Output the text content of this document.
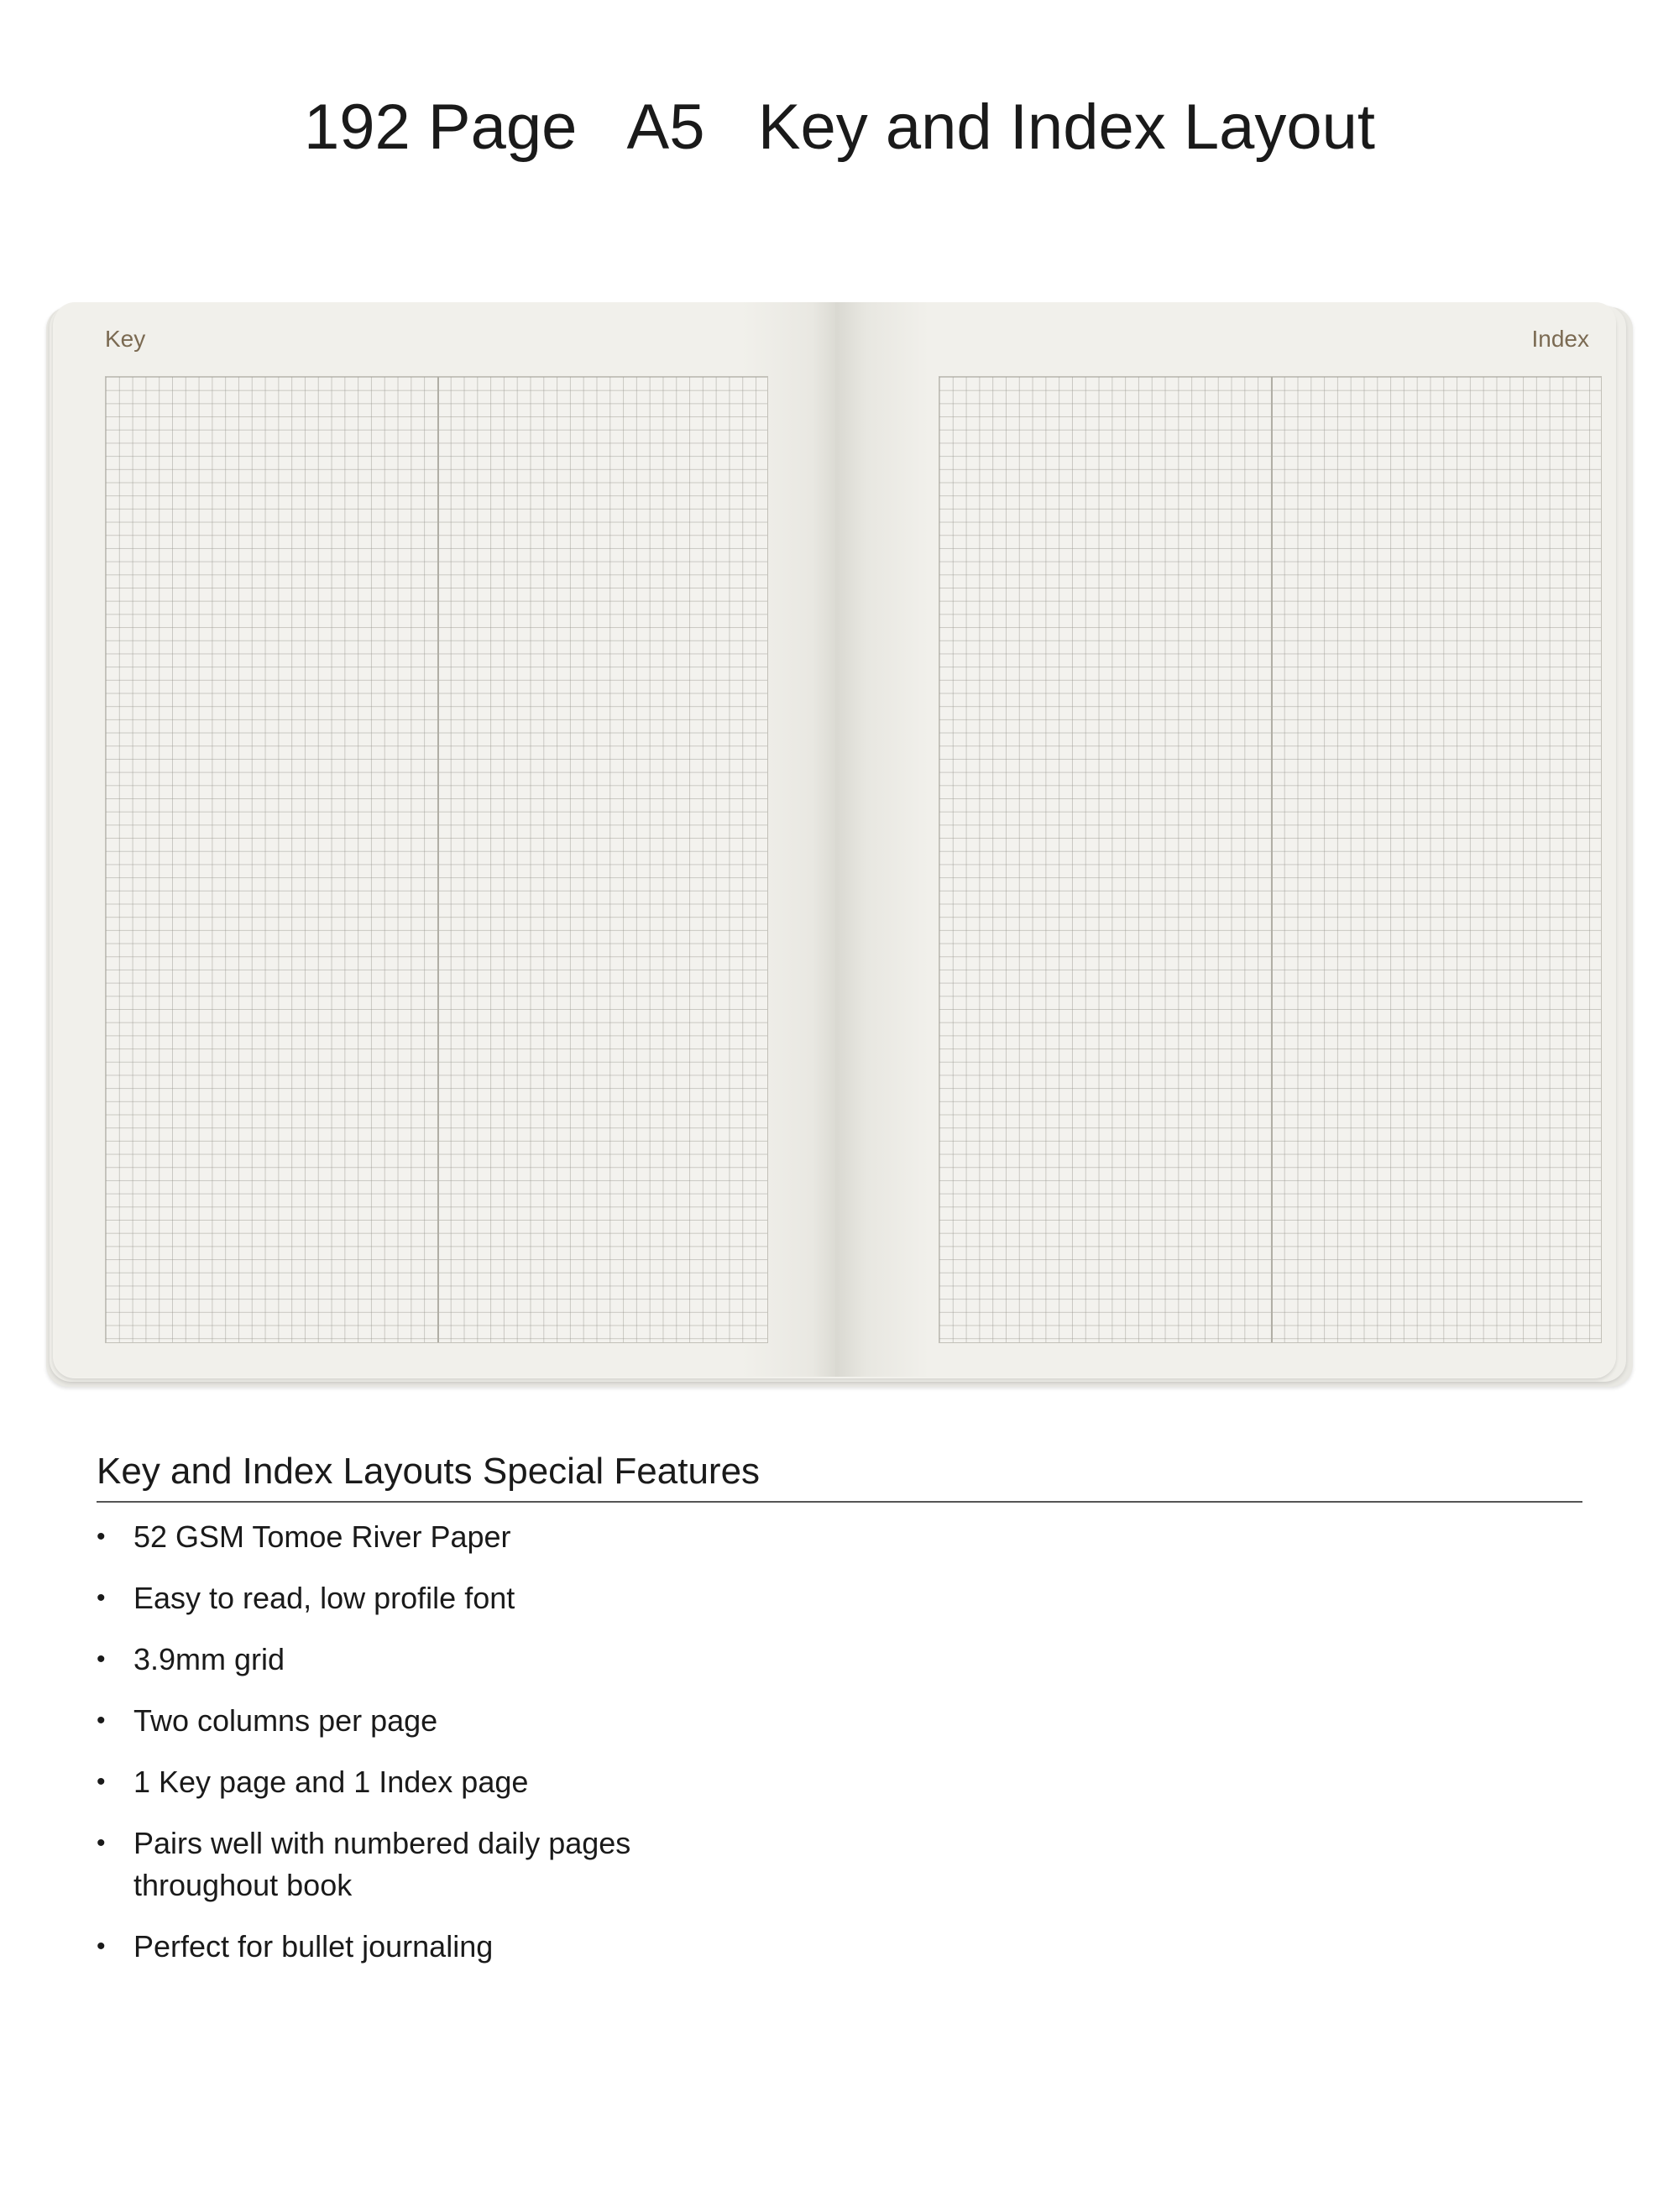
192 Page   A5   Key and Index Layout
Key	Index
Key and Index Layouts Special Features
• 52 GSM Tomoe River Paper
• Easy to read, low profile font
• 3.9mm grid
• Two columns per page
• 1 Key page and 1 Index page
• Pairs well with numbered daily pages throughout book
• Perfect for bullet journaling
